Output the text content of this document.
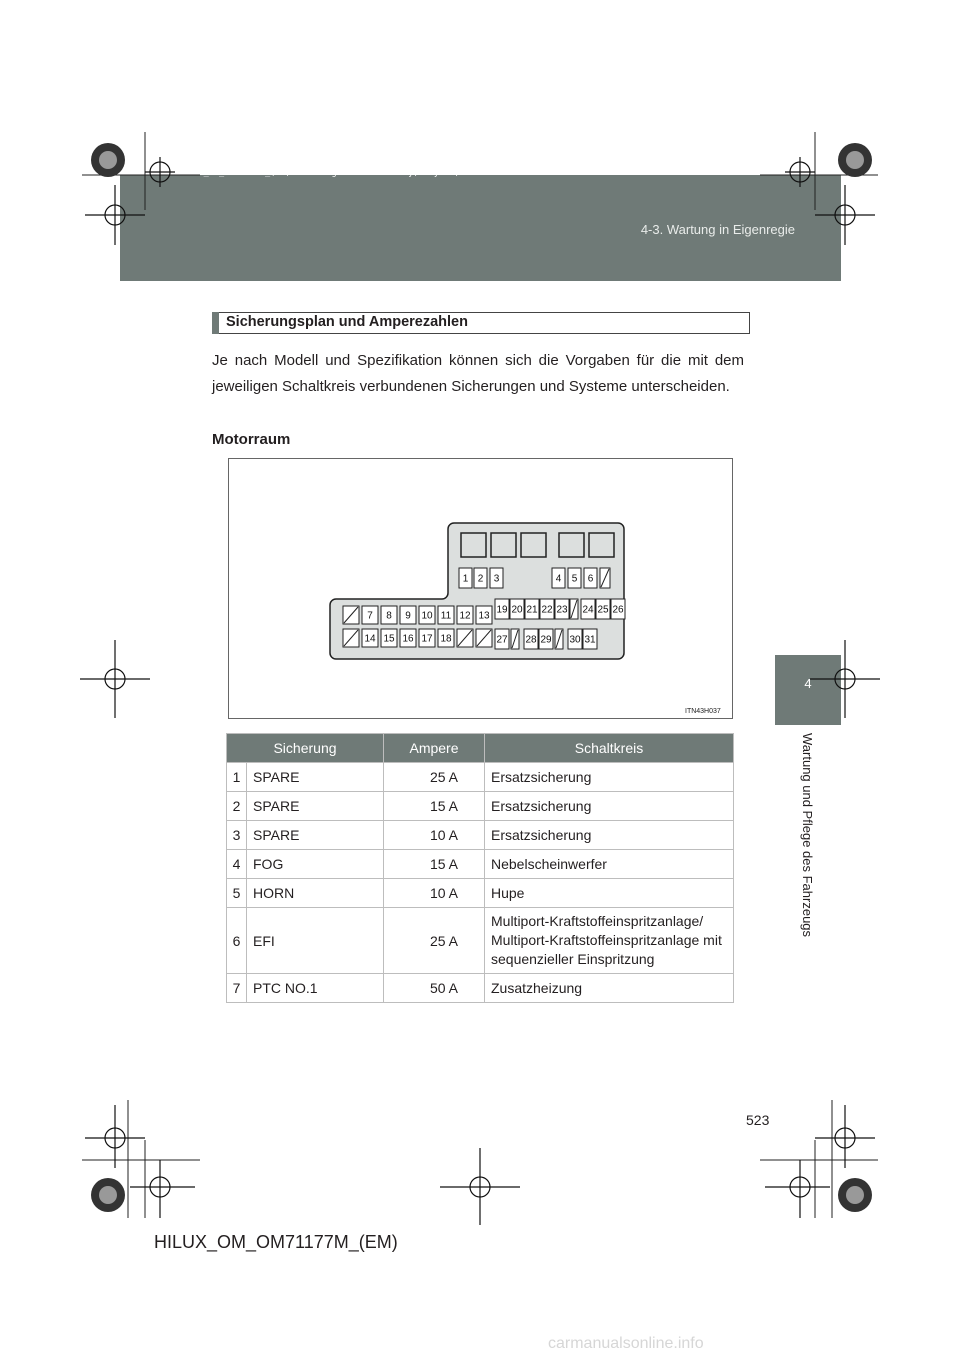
HILUX_OM_OM71177M_(EM).book Page 523 Wednesday, May 16, 2012 1:28 PM
4-3. Wartung in Eigenregie
4
Wartung und Pflege des Fahrzeugs
Sicherungsplan und Amperezahlen
Je nach Modell und Spezifikation können sich die Vorgaben für die mit dem jeweiligen Schaltkreis verbundenen Sicherungen und Systeme unterscheiden.
Motorraum
1 2 3	4 5 6
7 8 9 10 11 12 13
19 20 21 22 23 24 25 26
14 15 16 17 18	27 28 29 30 31
ITN43H037
Sicherung		Ampere	Schaltkreis
1	SPARE	25 A	Ersatzsicherung
2	SPARE	15 A	Ersatzsicherung
3	SPARE	10 A	Ersatzsicherung
4	FOG	15 A	Nebelscheinwerfer
5	HORN	10 A	Hupe
6	EFI	25 A	Multiport-Kraftstoffeinspritzanlage/ Multiport-Kraftstoffeinspritzanlage mit sequenzieller Einspritzung
7	PTC NO.1	50 A	Zusatzheizung
523
HILUX_OM_OM71177M_(EM)
carmanualsonline.info
